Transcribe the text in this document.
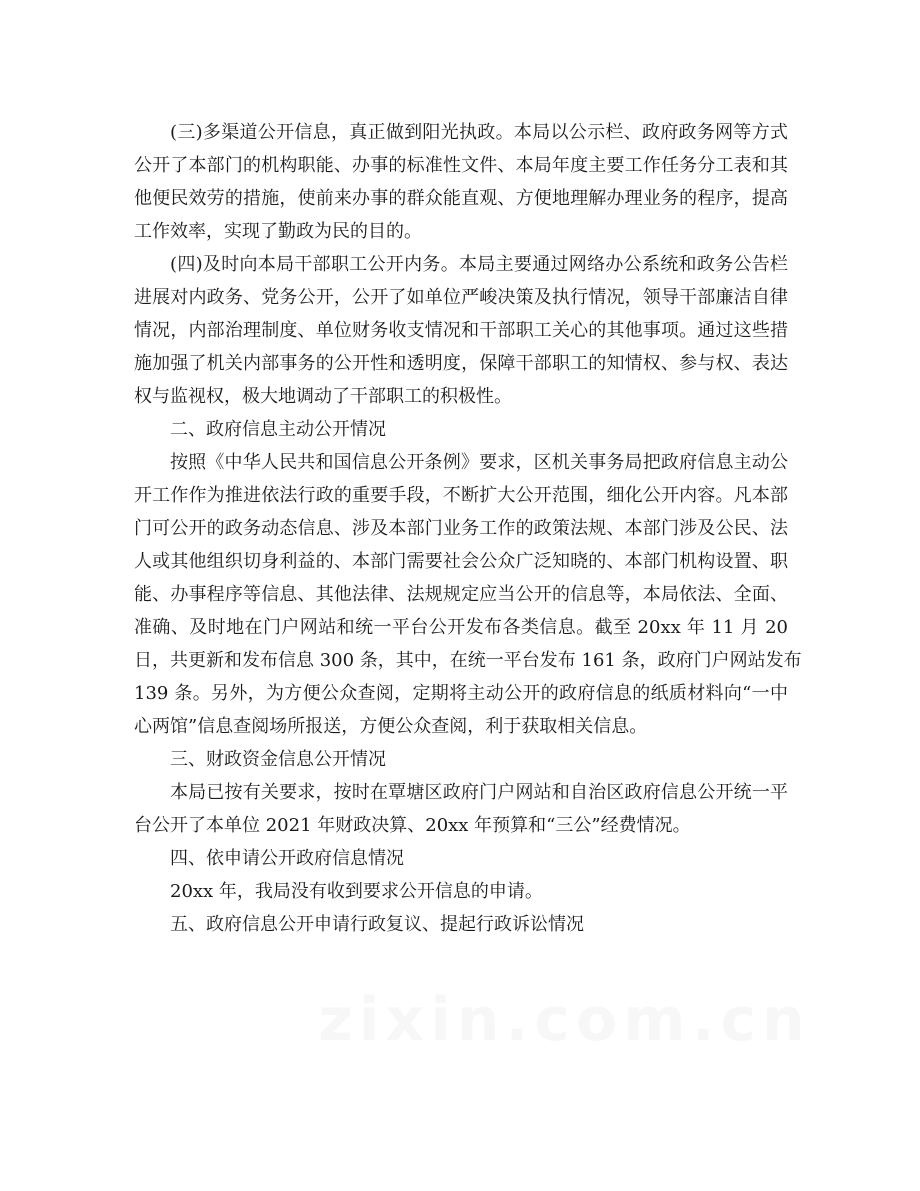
(三)多渠道公开信息，真正做到阳光执政。本局以公示栏、政府政务网等方式
公开了本部门的机构职能、办事的标准性文件、本局年度主要工作任务分工表和其
他便民效劳的措施，使前来办事的群众能直观、方便地理解办理业务的程序，提高
工作效率，实现了勤政为民的目的。
(四)及时向本局干部职工公开内务。本局主要通过网络办公系统和政务公告栏
进展对内政务、党务公开，公开了如单位严峻决策及执行情况，领导干部廉洁自律
情况，内部治理制度、单位财务收支情况和干部职工关心的其他事项。通过这些措
施加强了机关内部事务的公开性和透明度，保障干部职工的知情权、参与权、表达
权与监视权，极大地调动了干部职工的积极性。
二、政府信息主动公开情况
按照《中华人民共和国信息公开条例》要求，区机关事务局把政府信息主动公
开工作作为推进依法行政的重要手段，不断扩大公开范围，细化公开内容。凡本部
门可公开的政务动态信息、涉及本部门业务工作的政策法规、本部门涉及公民、法
人或其他组织切身利益的、本部门需要社会公众广泛知晓的、本部门机构设置、职
能、办事程序等信息、其他法律、法规规定应当公开的信息等，本局依法、全面、
准确、及时地在门户网站和统一平台公开发布各类信息。截至 20xx 年 11 月 20
日，共更新和发布信息 300 条，其中，在统一平台发布 161 条，政府门户网站发布
139 条。另外，为方便公众查阅，定期将主动公开的政府信息的纸质材料向“一中
心两馆”信息查阅场所报送，方便公众查阅，利于获取相关信息。
三、财政资金信息公开情况
本局已按有关要求，按时在覃塘区政府门户网站和自治区政府信息公开统一平
台公开了本单位 2021 年财政决算、20xx 年预算和“三公”经费情况。
四、依申请公开政府信息情况
20xx 年，我局没有收到要求公开信息的申请。
五、政府信息公开申请行政复议、提起行政诉讼情况
